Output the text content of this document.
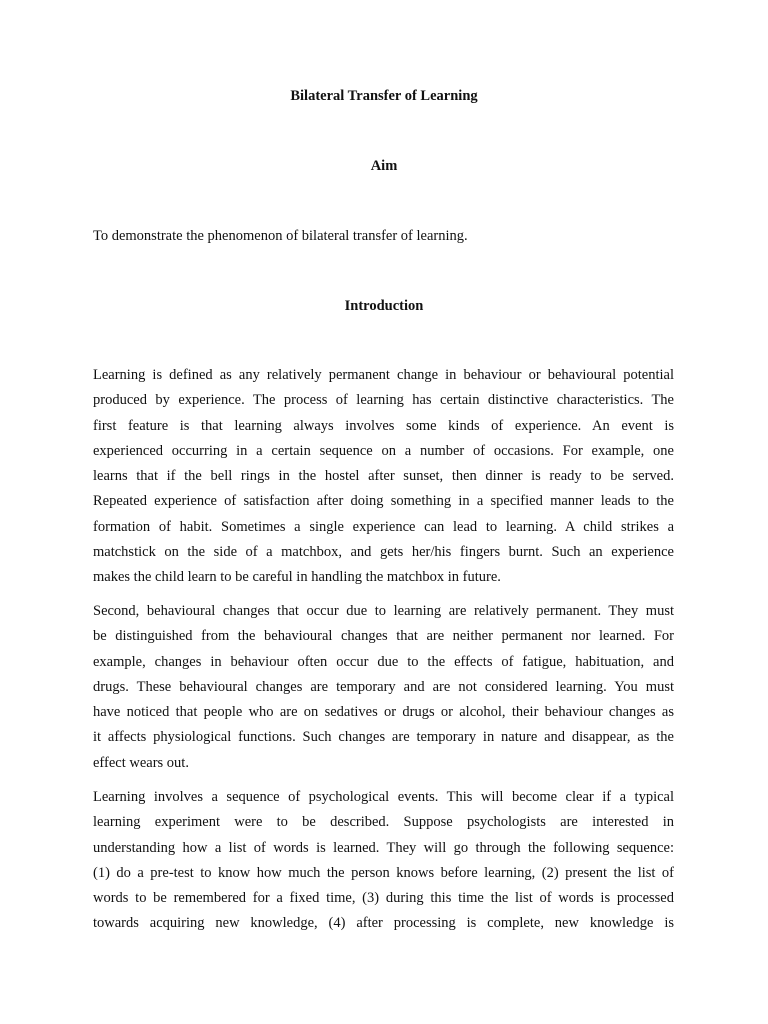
Bilateral Transfer of Learning
Aim

To demonstrate the phenomenon of bilateral transfer of learning.

Introduction
Learning is defined as any relatively permanent change in behaviour or behavioural potential
produced by experience. The process of learning has certain distinctive characteristics. The
first feature is that learning always involves some kinds of experience. An event is
experienced occurring in a certain sequence on a number of occasions. For example, one
learns that if the bell rings in the hostel after sunset, then dinner is ready to be served.
Repeated experience of satisfaction after doing something in a specified manner leads to the
formation of habit. Sometimes a single experience can lead to learning. A child strikes a
matchstick on the side of a matchbox, and gets her/his fingers burnt. Such an experience
makes the child learn to be careful in handling the matchbox in future.
Second, behavioural changes that occur due to learning are relatively permanent. They must
be distinguished from the behavioural changes that are neither permanent nor learned. For
example, changes in behaviour often occur due to the effects of fatigue, habituation, and
drugs. These behavioural changes are temporary and are not considered learning. You must
have noticed that people who are on sedatives or drugs or alcohol, their behaviour changes as
it affects physiological functions. Such changes are temporary in nature and disappear, as the
effect wears out.
Learning involves a sequence of psychological events. This will become clear if a typical
learning experiment were to be described. Suppose psychologists are interested in
understanding how a list of words is learned. They will go through the following sequence:
(1) do a pre-test to know how much the person knows before learning, (2) present the list of
words to be remembered for a fixed time, (3) during this time the list of words is processed
towards acquiring new knowledge, (4) after processing is complete, new knowledge is
